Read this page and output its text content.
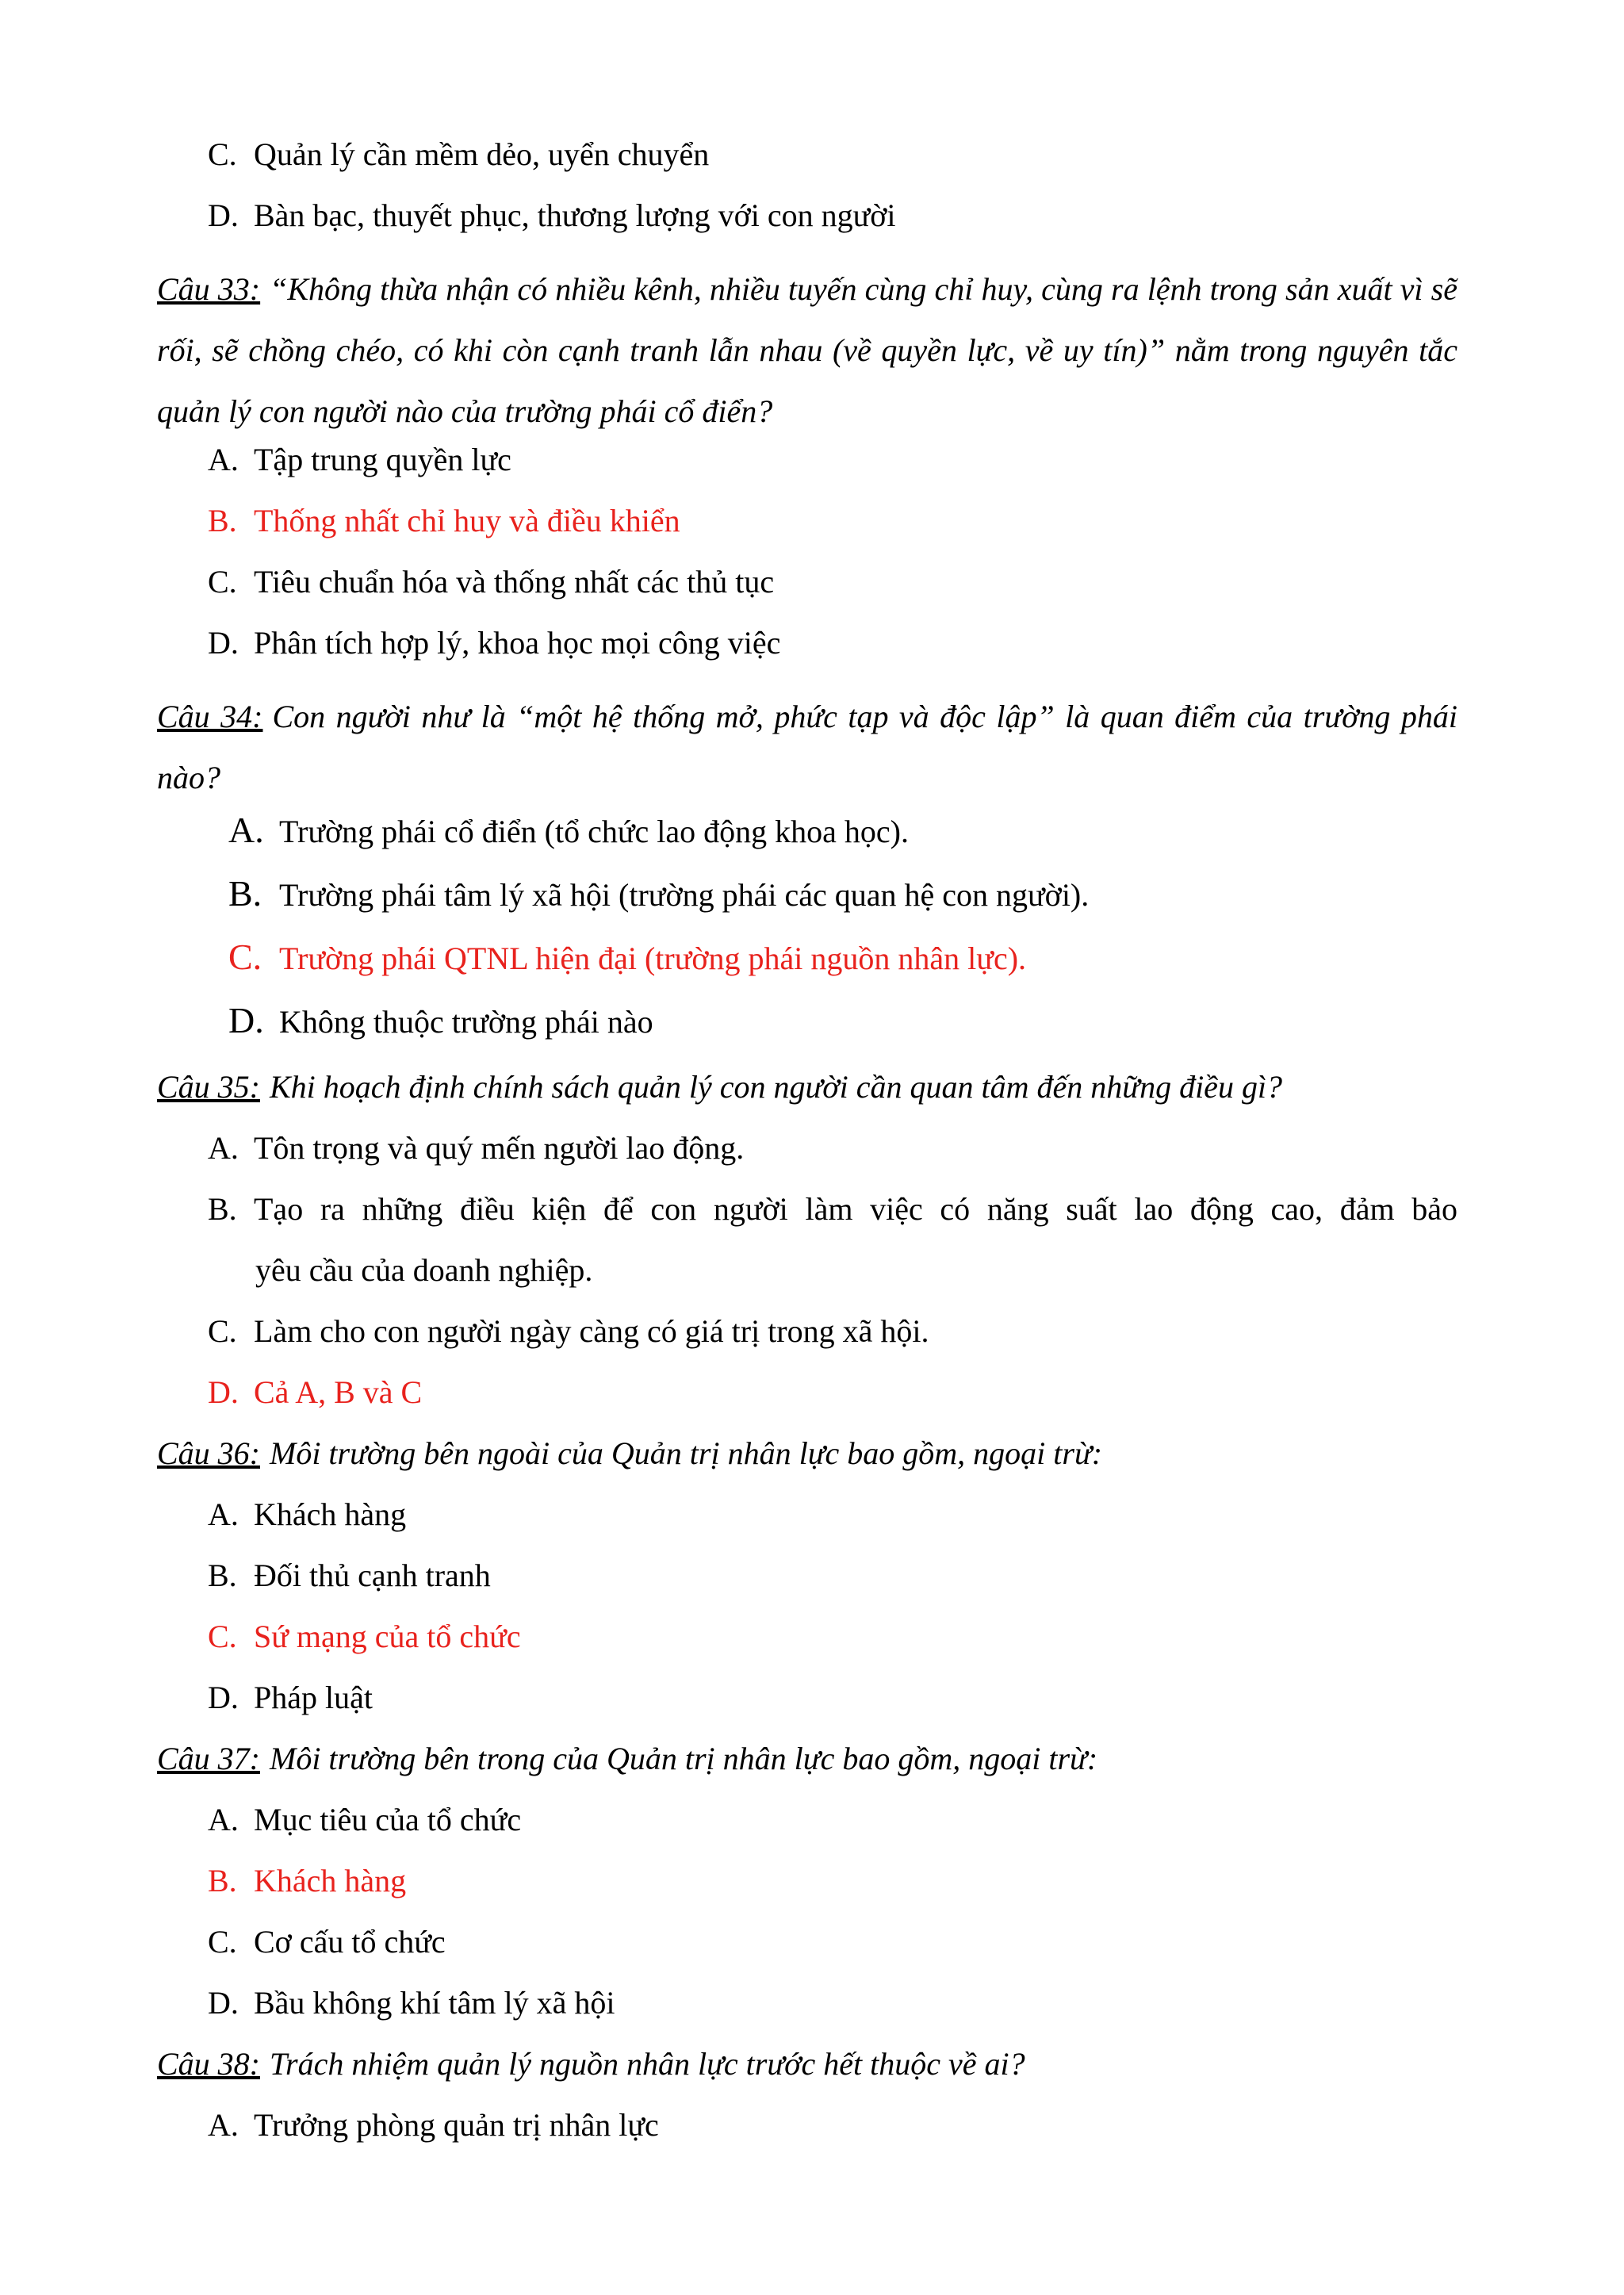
C. Quản lý cần mềm dẻo, uyển chuyển
D. Bàn bạc, thuyết phục, thương lượng với con người
Câu 33: “Không thừa nhận có nhiều kênh, nhiều tuyến cùng chỉ huy, cùng ra lệnh trong sản xuất vì sẽ rối, sẽ chồng chéo, có khi còn cạnh tranh lẫn nhau (về quyền lực, về uy tín)” nằm trong nguyên tắc quản lý con người nào của trường phái cổ điển?
A. Tập trung quyền lực
B. Thống nhất chỉ huy và điều khiển
C. Tiêu chuẩn hóa và thống nhất các thủ tục
D. Phân tích hợp lý, khoa học mọi công việc
Câu 34: Con người như là “một hệ thống mở, phức tạp và độc lập” là quan điểm của trường phái nào?
A. Trường phái cổ điển (tổ chức lao động khoa học).
B. Trường phái tâm lý xã hội (trường phái các quan hệ con người).
C. Trường phái QTNL hiện đại (trường phái nguồn nhân lực).
D. Không thuộc trường phái nào
Câu 35: Khi hoạch định chính sách quản lý con người cần quan tâm đến những điều gì?
A. Tôn trọng và quý mến người lao động.
B. Tạo ra những điều kiện để con người làm việc có năng suất lao động cao, đảm bảo
yêu cầu của doanh nghiệp.
C. Làm cho con người ngày càng có giá trị trong xã hội.
D. Cả A, B và C
Câu 36: Môi trường bên ngoài của Quản trị nhân lực bao gồm, ngoại trừ:
A. Khách hàng
B. Đối thủ cạnh tranh
C. Sứ mạng của tổ chức
D. Pháp luật
Câu 37: Môi trường bên trong của Quản trị nhân lực bao gồm, ngoại trừ:
A. Mục tiêu của tổ chức
B. Khách hàng
C. Cơ cấu tổ chức
D. Bầu không khí tâm lý xã hội
Câu 38: Trách nhiệm quản lý nguồn nhân lực trước hết thuộc về ai?
A. Trưởng phòng quản trị nhân lực
